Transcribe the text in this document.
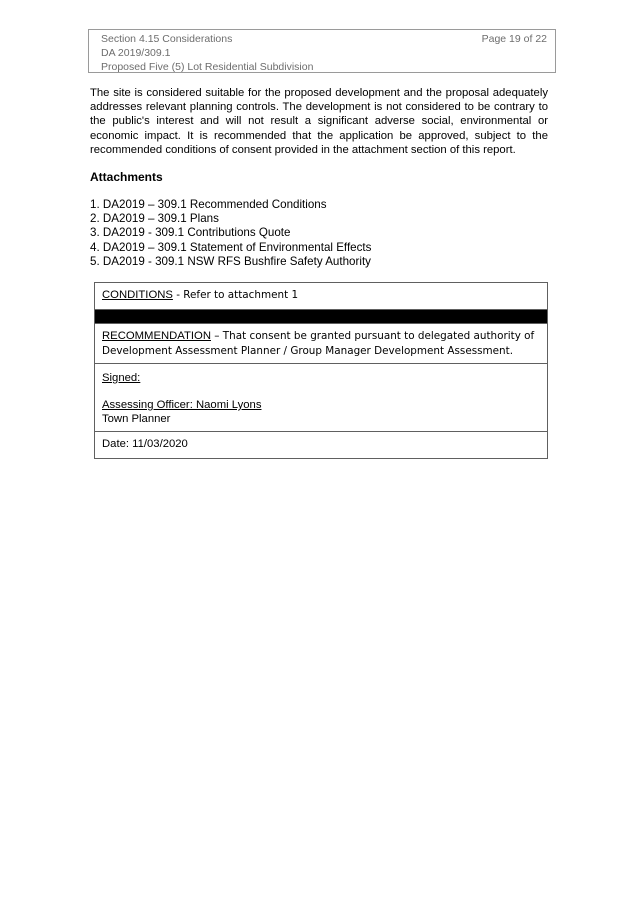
Section 4.15 Considerations	Page 19 of 22
DA 2019/309.1
Proposed Five (5) Lot Residential Subdivision
The site is considered suitable for the proposed development and the proposal adequately addresses relevant planning controls. The development is not considered to be contrary to the public's interest and will not result a significant adverse social, environmental or economic impact. It is recommended that the application be approved, subject to the recommended conditions of consent provided in the attachment section of this report.
Attachments
1. DA2019 – 309.1 Recommended Conditions
2. DA2019 – 309.1 Plans
3. DA2019 - 309.1 Contributions Quote
4. DA2019 – 309.1 Statement of Environmental Effects
5. DA2019 - 309.1 NSW RFS Bushfire Safety Authority
CONDITIONS - Refer to attachment 1
RECOMMENDATION – That consent be granted pursuant to delegated authority of Development Assessment Planner / Group Manager Development Assessment.
Signed:
Assessing Officer: Naomi Lyons
Town Planner
Date: 11/03/2020
